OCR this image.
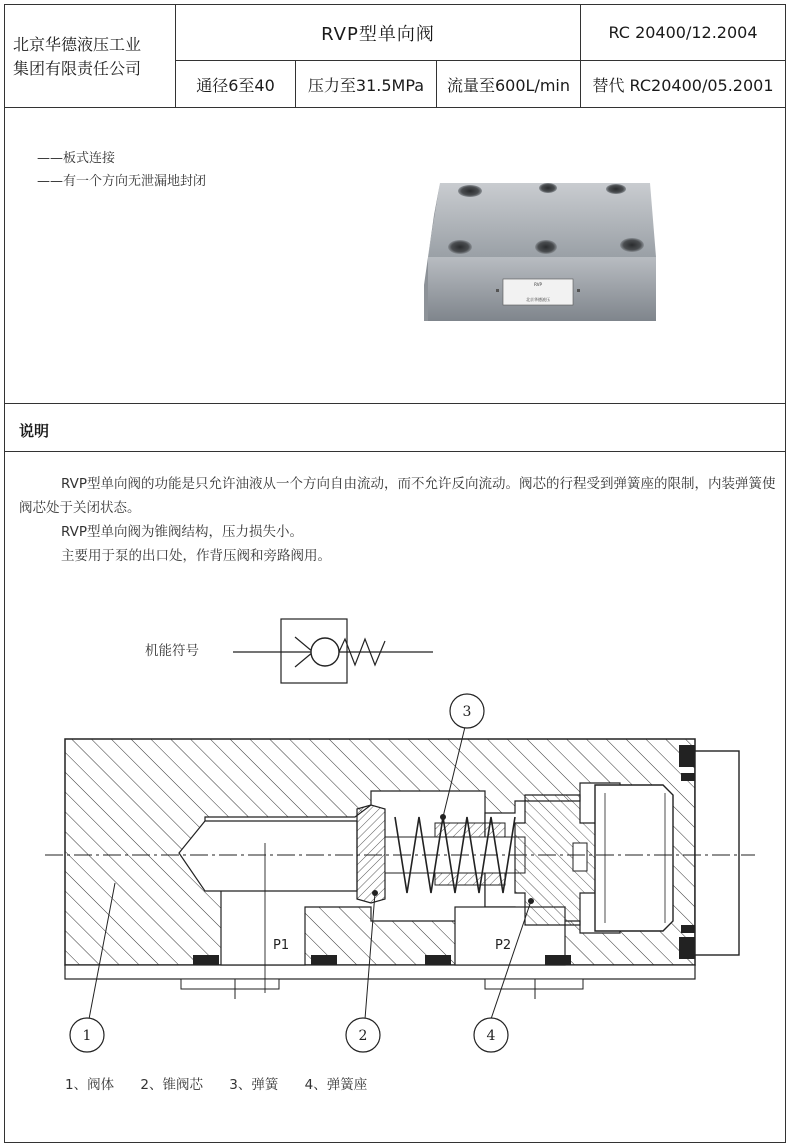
北京华德液压工业
集团有限责任公司
RVP型单向阀	RC 20400/12.2004
通径6至40	压力至31.5MPa	流量至600L/min	替代 RC20400/05.2001
——板式连接
——有一个方向无泄漏地封闭
RVP
北京华德液压
说明

RVP型单向阀的功能是只允许油液从一个方向自由流动，而不允许反向流动。阀芯的行程受到弹簧座的限制，内装弹簧使阀芯处于关闭状态。

RVP型单向阀为锥阀结构，压力损失小。

主要用于泵的出口处，作背压阀和旁路阀用。

机能符号
P1	P2
1	2
3
4
1、阀体 2、锥阀芯 3、弹簧 4、弹簧座
